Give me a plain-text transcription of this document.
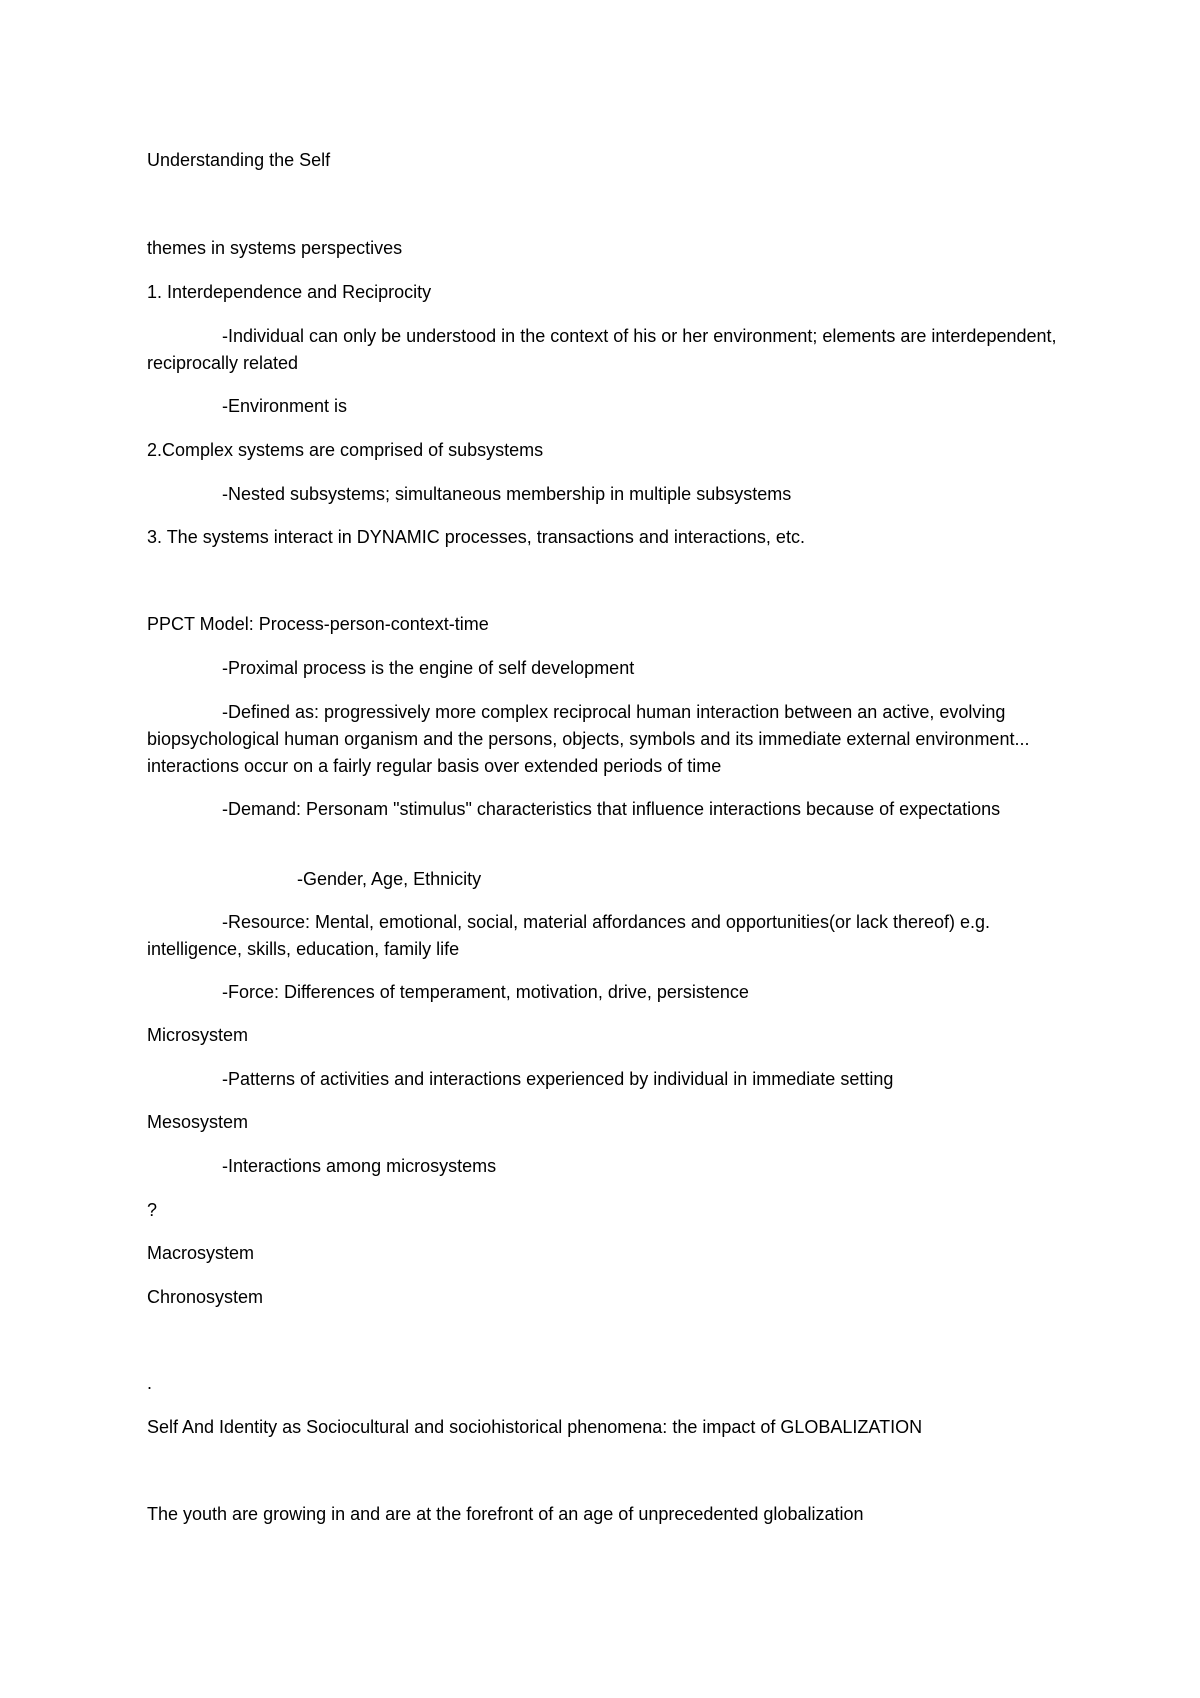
Understanding the Self
themes in systems perspectives
1. Interdependence and Reciprocity
-Individual can only be understood in the context of his or her environment; elements are interdependent, reciprocally related
-Environment is
2.Complex systems are comprised of subsystems
-Nested subsystems; simultaneous membership in multiple subsystems
3. The systems interact in DYNAMIC processes, transactions and interactions, etc.
PPCT Model: Process-person-context-time
-Proximal process is the engine of self development
-Defined as: progressively more complex reciprocal human interaction between an active, evolving biopsychological human organism and the persons, objects, symbols and its immediate external environment... interactions occur on a fairly regular basis over extended periods of time
-Demand: Personam "stimulus" characteristics that influence interactions because of expectations
-Gender, Age, Ethnicity
-Resource: Mental, emotional, social, material affordances and opportunities(or lack thereof) e.g. intelligence, skills, education, family life
-Force: Differences of temperament, motivation, drive, persistence
Microsystem
-Patterns of activities and interactions experienced by individual in immediate setting
Mesosystem
-Interactions among microsystems
?
Macrosystem
Chronosystem
.
Self And Identity as Sociocultural and sociohistorical phenomena: the impact of GLOBALIZATION
The youth are growing in and are at the forefront of an age of unprecedented globalization
